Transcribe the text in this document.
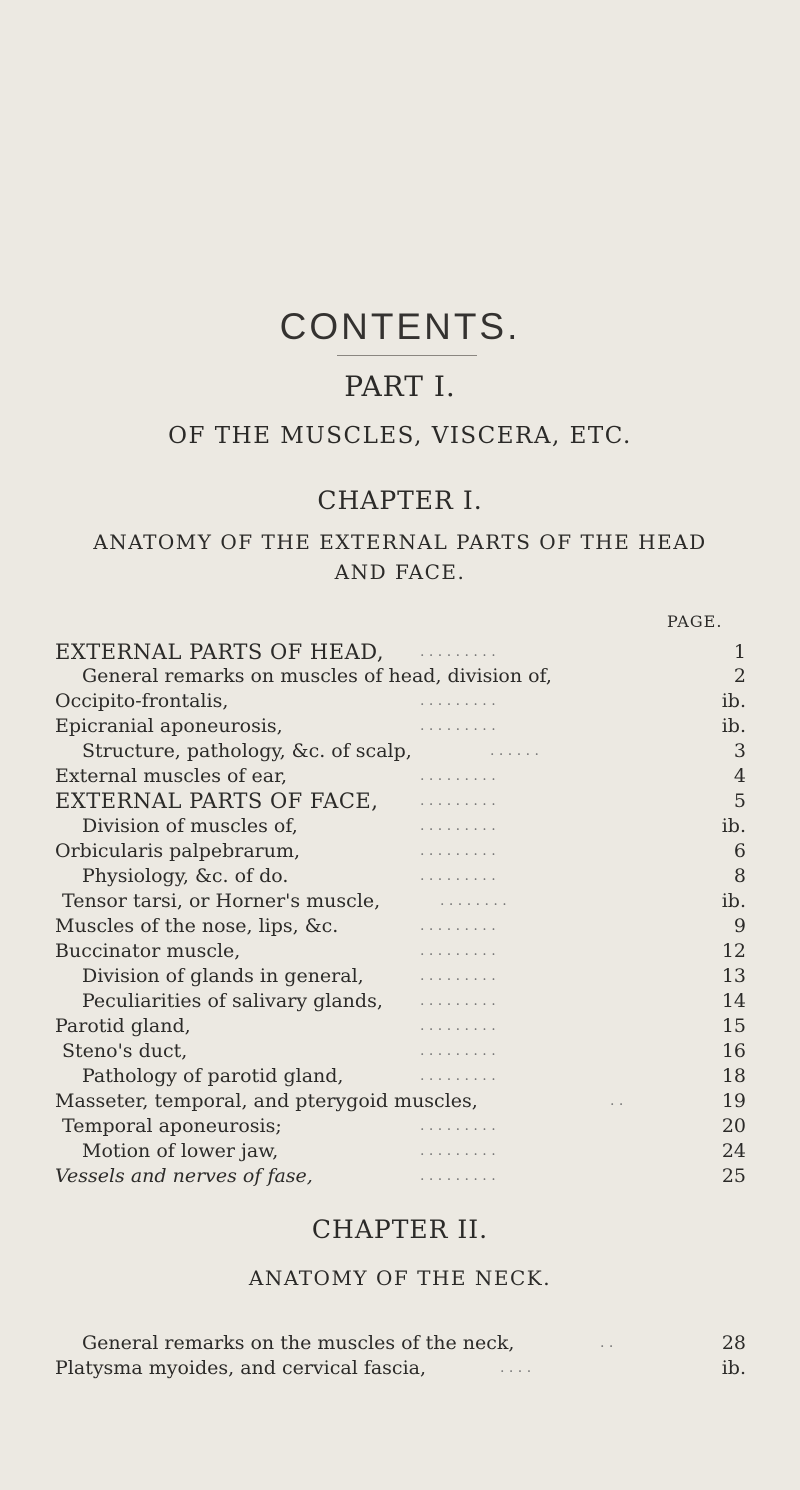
CONTENTS.
PART I.
OF THE MUSCLES, VISCERA, ETC.
CHAPTER I.
ANATOMY OF THE EXTERNAL PARTS OF THE HEAD
AND FACE.
PAGE.
EXTERNAL PARTS OF HEAD,	. . . . . . . . .	1
General remarks on muscles of head, division of,	2
Occipito-frontalis,	. . . . . . . . .	ib.
Epicranial aponeurosis,	. . . . . . . . .	ib.
Structure, pathology, &c. of scalp,	. . . . . .	3
External muscles of ear,	. . . . . . . . .	4
EXTERNAL PARTS OF FACE,	. . . . . . . . .	5
Division of muscles of,	. . . . . . . . .	ib.
Orbicularis palpebrarum,	. . . . . . . . .	6
Physiology, &c. of do.	. . . . . . . . .	8
Tensor tarsi, or Horner's muscle,	. . . . . . . .	ib.
Muscles of the nose, lips, &c.	. . . . . . . . .	9
Buccinator muscle,	. . . . . . . . .	12
Division of glands in general,	. . . . . . . . .	13
Peculiarities of salivary glands,	. . . . . . . . .	14
Parotid gland,	. . . . . . . . .	15
Steno's duct,	. . . . . . . . .	16
Pathology of parotid gland,	. . . . . . . . .	18
Masseter, temporal, and pterygoid muscles,	. .	19
Temporal aponeurosis;	. . . . . . . . .	20
Motion of lower jaw,	. . . . . . . . .	24
Vessels and nerves of fase,	. . . . . . . . .	25
CHAPTER II.
ANATOMY OF THE NECK.
General remarks on the muscles of the neck,	. .	28
Platysma myoides, and cervical fascia,	. . . .	ib.
